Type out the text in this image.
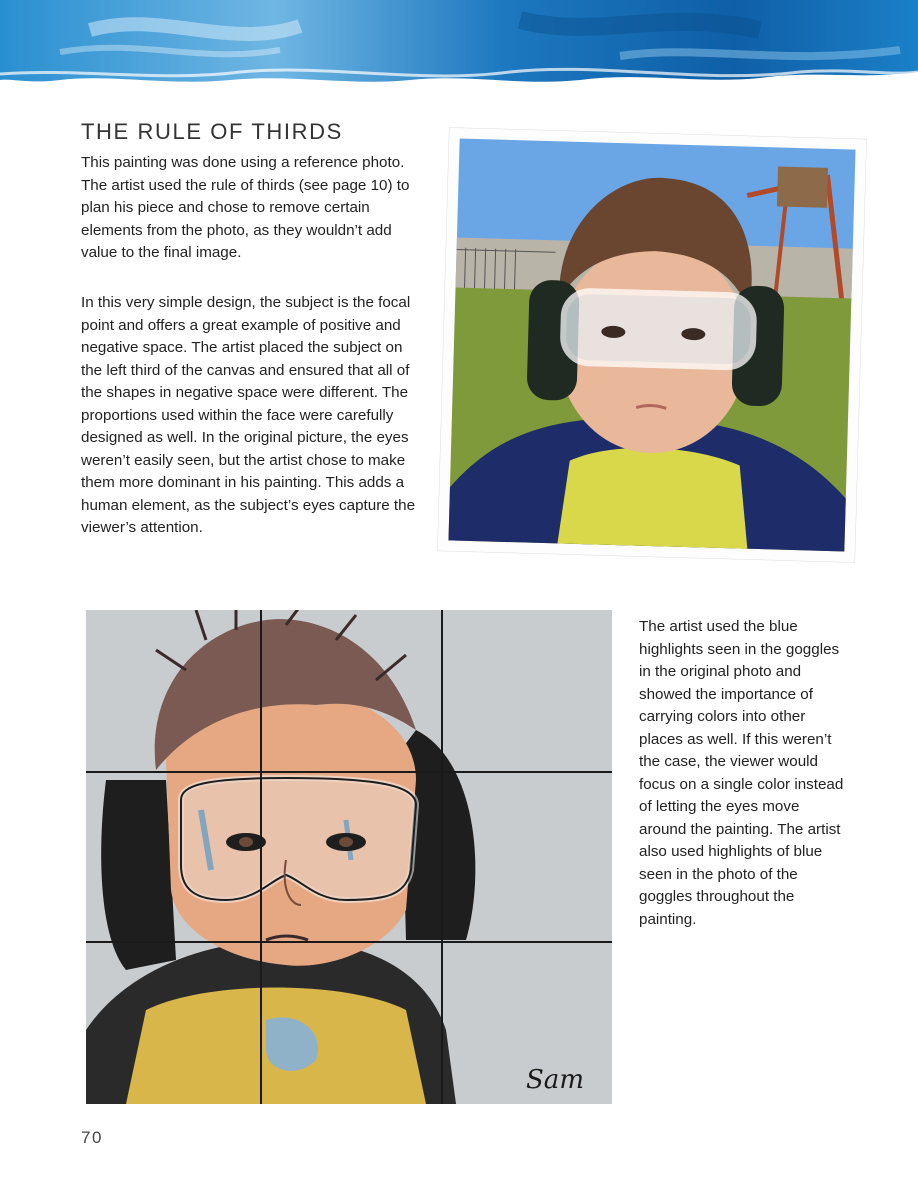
THE RULE OF THIRDS

This painting was done using a reference photo. The artist used the rule of thirds (see page 10) to plan his piece and chose to remove certain elements from the photo, as they wouldn’t add value to the final image.

In this very simple design, the subject is the focal point and offers a great example of positive and negative space. The artist placed the subject on the left third of the canvas and ensured that all of the shapes in negative space were different. The proportions used within the face were carefully designed as well. In the original picture, the eyes weren’t easily seen, but the artist chose to make them more dominant in his painting. This adds a human element, as the subject’s eyes capture the viewer’s attention.

The artist used the blue highlights seen in the goggles in the original photo and showed the importance of carrying colors into other places as well. If this weren’t the case, the viewer would focus on a single color instead of letting the eyes move around the painting. The artist also used highlights of blue seen in the photo of the goggles throughout the painting.

Sam
70
